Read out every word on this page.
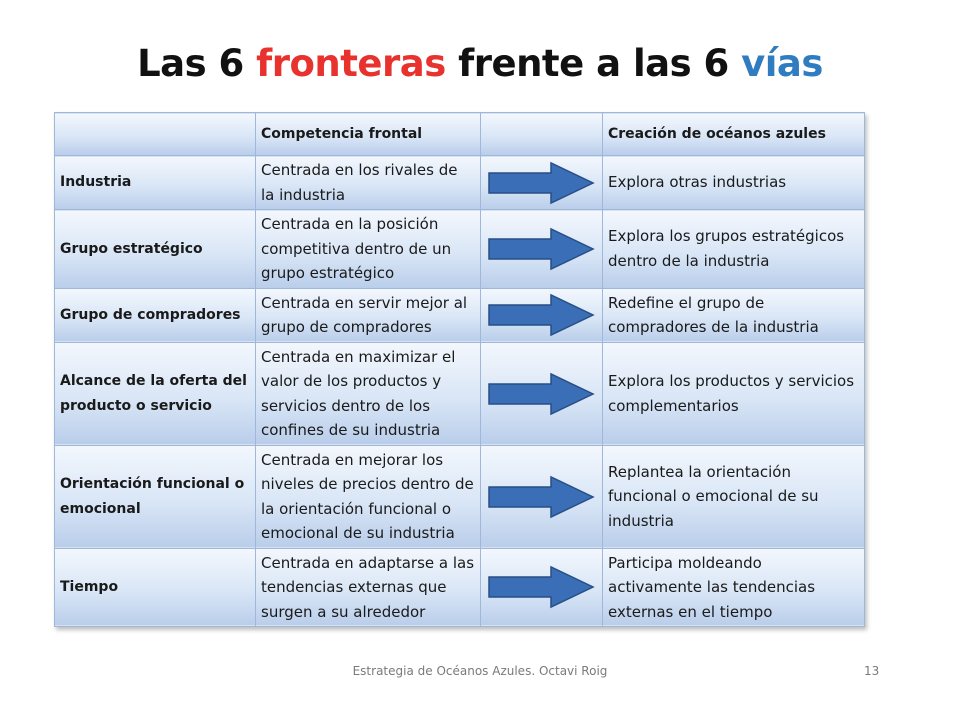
Las 6 fronteras frente a las 6 vías
	Competencia frontal		Creación de océanos azules
Industria	Centrada en los rivales de la industria		Explora otras industrias
Grupo estratégico	Centrada en la posición competitiva dentro de un grupo estratégico		Explora los grupos estratégicos dentro de la industria
Grupo de compradores	Centrada en servir mejor al grupo de compradores		Redefine el grupo de compradores de la industria
Alcance de la oferta del producto o servicio	Centrada en maximizar el valor de los productos y servicios dentro de los confines de su industria		Explora los productos y servicios complementarios
Orientación funcional o emocional	Centrada en mejorar los niveles de precios dentro de la orientación funcional o emocional de su industria		Replantea la orientación funcional o emocional de su industria
Tiempo	Centrada en adaptarse a las tendencias externas que surgen a su alrededor		Participa moldeando activamente las tendencias externas en el tiempo
Estrategia de Océanos Azules. Octavi Roig	13
